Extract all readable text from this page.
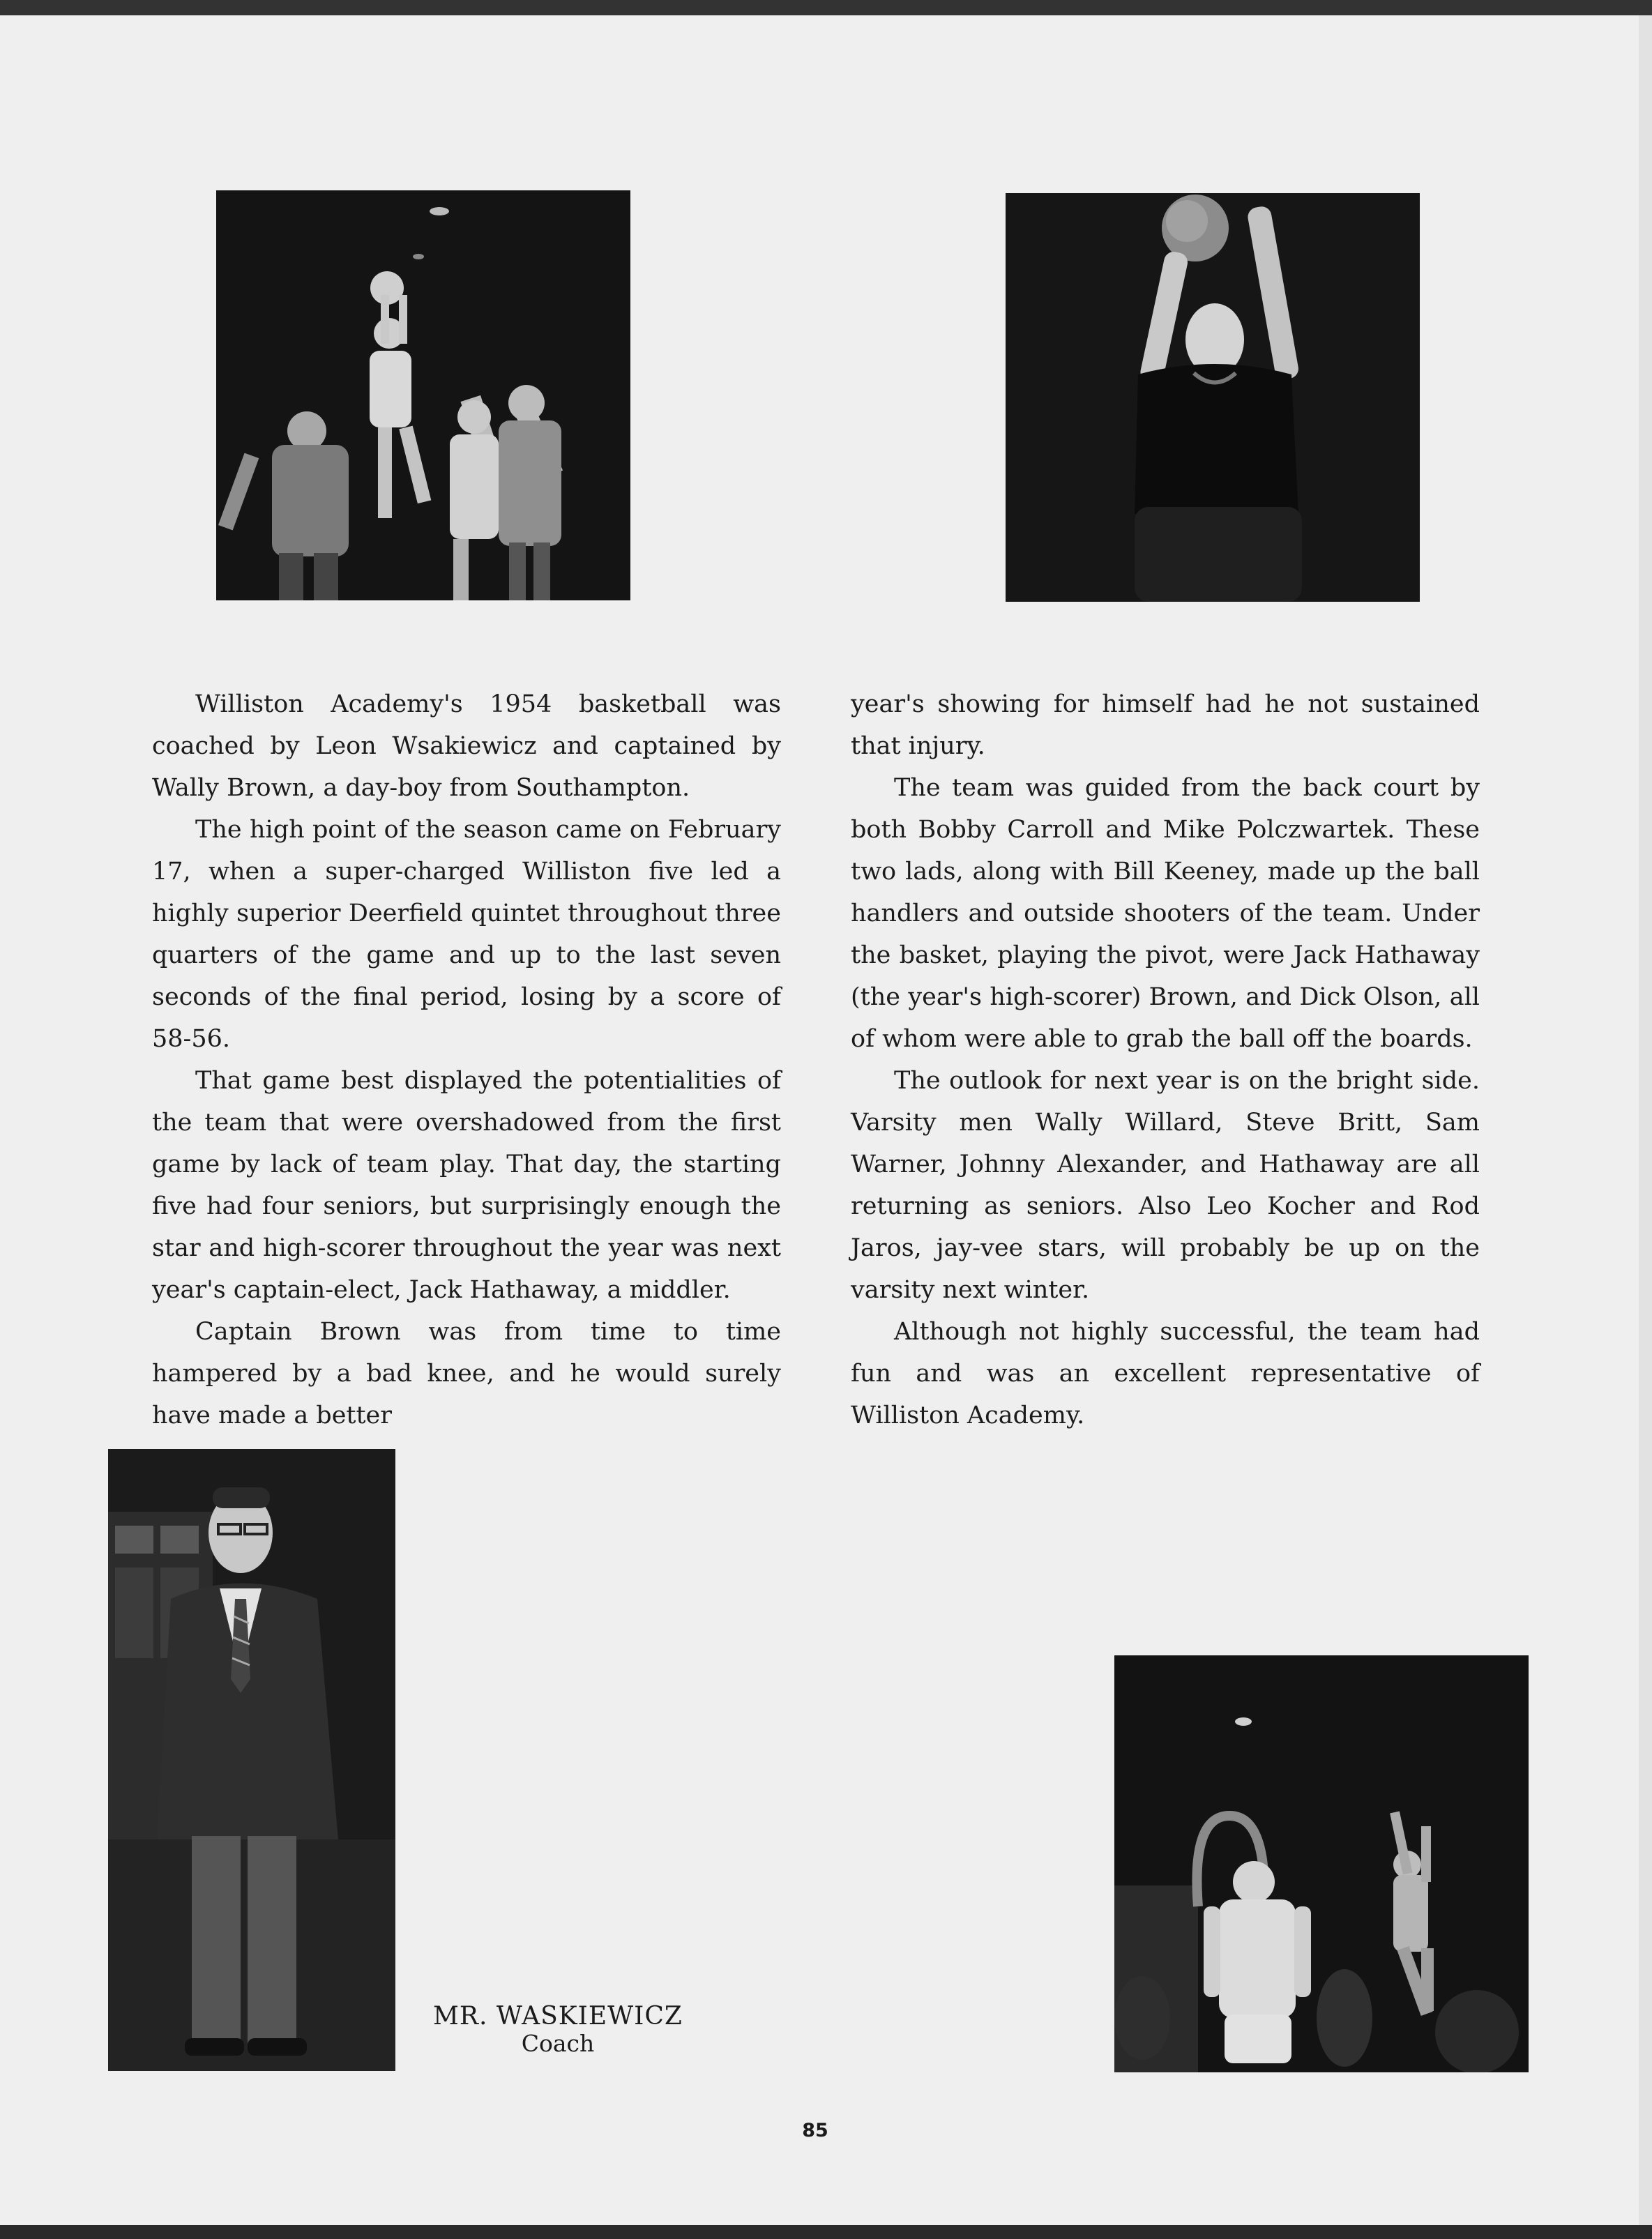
Williston Academy's 1954 basketball was coached by Leon Wsakiewicz and captained by Wally Brown, a day-boy from Southampton.

The high point of the season came on February 17, when a super-charged Williston five led a highly superior Deerfield quintet throughout three quarters of the game and up to the last seven seconds of the final period, losing by a score of 58-56.

That game best displayed the potentialities of the team that were overshadowed from the first game by lack of team play. That day, the starting five had four seniors, but surprisingly enough the star and high-scorer throughout the year was next year's captain-elect, Jack Hathaway, a middler.

Captain Brown was from time to time hampered by a bad knee, and he would surely have made a better

year's showing for himself had he not sustained that injury.

The team was guided from the back court by both Bobby Carroll and Mike Polczwartek. These two lads, along with Bill Keeney, made up the ball handlers and outside shooters of the team. Under the basket, playing the pivot, were Jack Hathaway (the year's high-scorer) Brown, and Dick Olson, all of whom were able to grab the ball off the boards.

The outlook for next year is on the bright side. Varsity men Wally Willard, Steve Britt, Sam Warner, Johnny Alexander, and Hathaway are all returning as seniors. Also Leo Kocher and Rod Jaros, jay-vee stars, will probably be up on the varsity next winter.

Although not highly successful, the team had fun and was an excellent representative of Williston Academy.

MR. WASKIEWICZ
Coach
85
